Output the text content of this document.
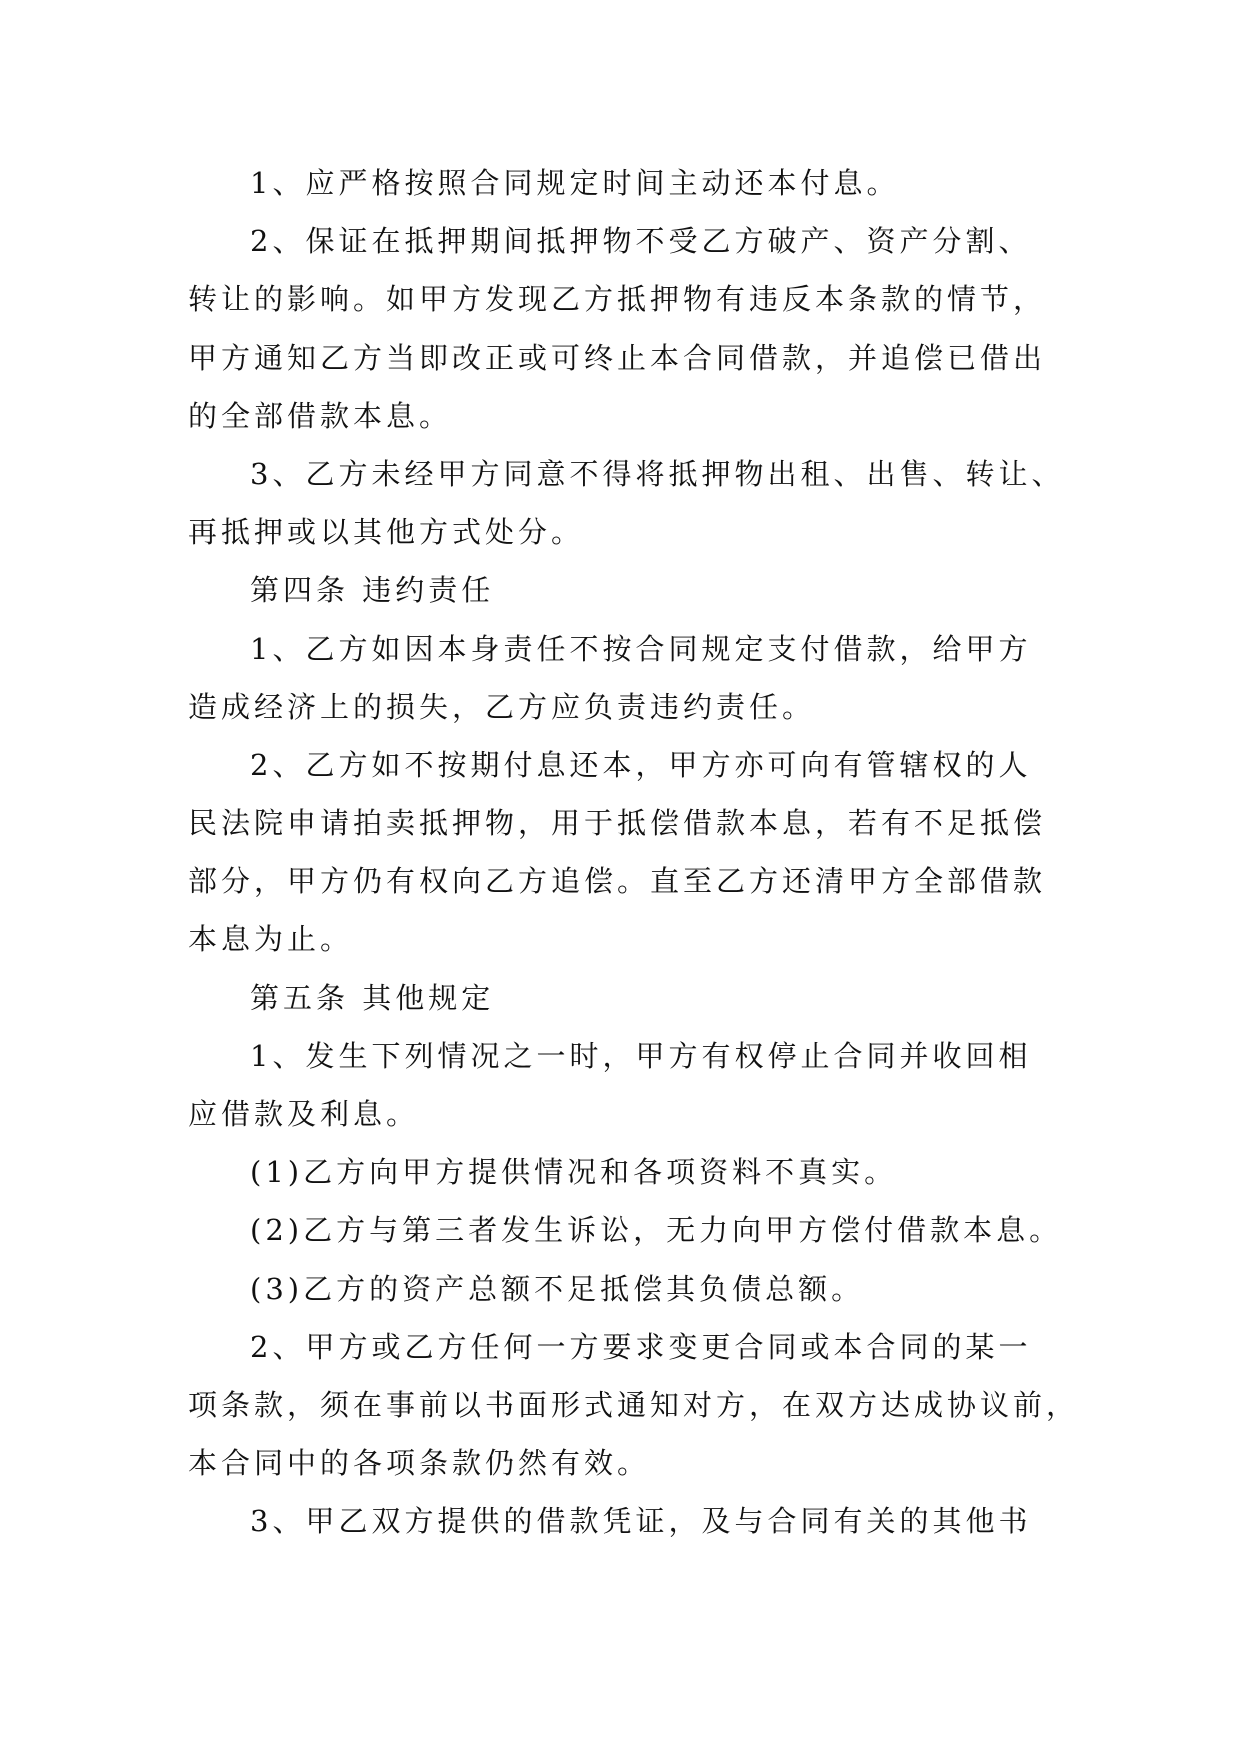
1、应严格按照合同规定时间主动还本付息。
2、保证在抵押期间抵押物不受乙方破产、资产分割、
转让的影响。如甲方发现乙方抵押物有违反本条款的情节，
甲方通知乙方当即改正或可终止本合同借款，并追偿已借出
的全部借款本息。
3、乙方未经甲方同意不得将抵押物出租、出售、转让、
再抵押或以其他方式处分。
第四条 违约责任
1、乙方如因本身责任不按合同规定支付借款，给甲方
造成经济上的损失，乙方应负责违约责任。
2、乙方如不按期付息还本，甲方亦可向有管辖权的人
民法院申请拍卖抵押物，用于抵偿借款本息，若有不足抵偿
部分，甲方仍有权向乙方追偿。直至乙方还清甲方全部借款
本息为止。
第五条 其他规定
1、发生下列情况之一时，甲方有权停止合同并收回相
应借款及利息。
(1)乙方向甲方提供情况和各项资料不真实。
(2)乙方与第三者发生诉讼，无力向甲方偿付借款本息。
(3)乙方的资产总额不足抵偿其负债总额。
2、甲方或乙方任何一方要求变更合同或本合同的某一
项条款，须在事前以书面形式通知对方，在双方达成协议前，
本合同中的各项条款仍然有效。
3、甲乙双方提供的借款凭证，及与合同有关的其他书
